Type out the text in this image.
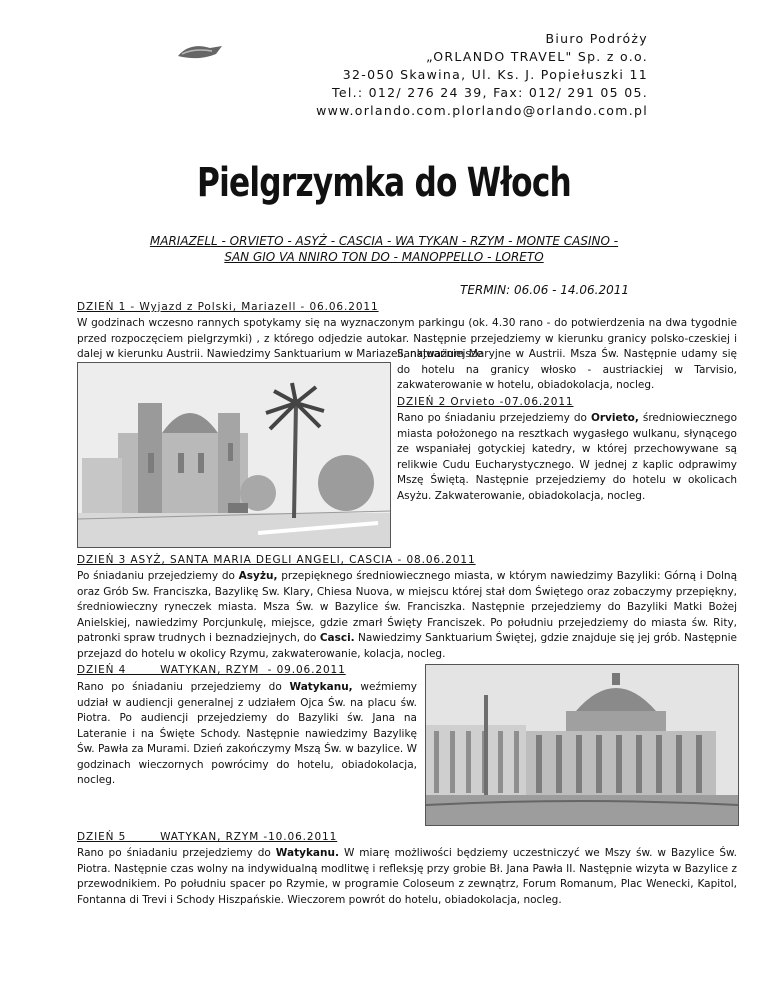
Biuro Podróży
„ORLANDO TRAVEL" Sp. z o.o.
32-050 Skawina, Ul. Ks. J. Popiełuszki 11
Tel.: 012/ 276 24 39, Fax: 012/ 291 05 05.
www.orlando.com.plorlando@orlando.com.pl
Pielgrzymka do Włoch
MARIAZELL - ORVIETO - ASYŻ - CASCIA - WA TYKAN - RZYM - MONTE CASINO -
SAN GIO VA NNIRO TON DO - MANOPPELLO - LORETO
TERMIN: 06.06 - 14.06.2011
DZIEŃ 1 - Wyjazd z Polski, Mariazell - 06.06.2011
W godzinach wczesno rannych spotykamy się na wyznaczonym parkingu (ok. 4.30 rano - do potwierdzenia na dwa tygodnie przed rozpoczęciem pielgrzymki) , z którego odjedzie autokar. Następnie przejedziemy w kierunku granicy polsko-czeskiej i dalej w kierunku Austrii. Nawiedzimy Sanktuarium w Mariazell, najważniejsze
Sanktuarium Maryjne w Austrii. Msza Św. Następnie udamy się do hotelu na granicy włosko - austriackiej w Tarvisio, zakwaterowanie w hotelu, obiadokolacja, nocleg.
DZIEŃ 2 Orvieto -07.06.2011
Rano po śniadaniu przejedziemy do Orvieto, średniowiecznego miasta położonego na resztkach wygasłego wulkanu, słynącego ze wspaniałej gotyckiej katedry, w której przechowywane są relikwie Cudu Eucharystycznego. W jednej z kaplic odprawimy Mszę Świętą. Następnie przejedziemy do hotelu w okolicach Asyżu. Zakwaterowanie, obiadokolacja, nocleg.
DZIEŃ 3 ASYŻ, SANTA MARIA DEGLI ANGELI, CASCIA - 08.06.2011
Po śniadaniu przejedziemy do Asyżu, przepięknego średniowiecznego miasta, w którym nawiedzimy Bazyliki: Górną i Dolną oraz Grób Sw. Franciszka, Bazylikę Sw. Klary, Chiesa Nuova, w miejscu której stał dom Świętego oraz zobaczymy przepiękny, średniowieczny ryneczek miasta. Msza Św. w Bazylice św. Franciszka. Następnie przejedziemy do Bazyliki Matki Bożej Anielskiej, nawiedzimy Porcjunkulę, miejsce, gdzie zmarł Święty Franciszek. Po południu przejedziemy do miasta św. Rity, patronki spraw trudnych i beznadziejnych, do Casci. Nawiedzimy Sanktuarium Świętej, gdzie znajduje się jej grób. Następnie przejazd do hotelu w okolicy Rzymu, zakwaterowanie, kolacja, nocleg.
DZIEŃ 4        WATYKAN, RZYM  - 09.06.2011
Rano po śniadaniu przejedziemy do Watykanu, weźmiemy udział w audiencji generalnej z udziałem Ojca Św. na placu św. Piotra. Po audiencji przejedziemy do Bazyliki św. Jana na Lateranie i na Święte Schody. Następnie nawiedzimy Bazylikę Św. Pawła za Murami. Dzień zakończymy Mszą Św. w bazylice. W godzinach wieczornych powrócimy do hotelu, obiadokolacja, nocleg.
DZIEŃ 5        WATYKAN, RZYM -10.06.2011
Rano po śniadaniu przejedziemy do Watykanu. W miarę możliwości będziemy uczestniczyć we Mszy św. w Bazylice Św. Piotra. Następnie czas wolny na indywidualną modlitwę i refleksję przy grobie Bł. Jana Pawła II. Następnie wizyta w Bazylice z przewodnikiem. Po południu spacer po Rzymie, w programie Coloseum z zewnątrz, Forum Romanum, Plac Wenecki, Kapitol, Fontanna di Trevi i Schody Hiszpańskie. Wieczorem powrót do hotelu, obiadokolacja, nocleg.
